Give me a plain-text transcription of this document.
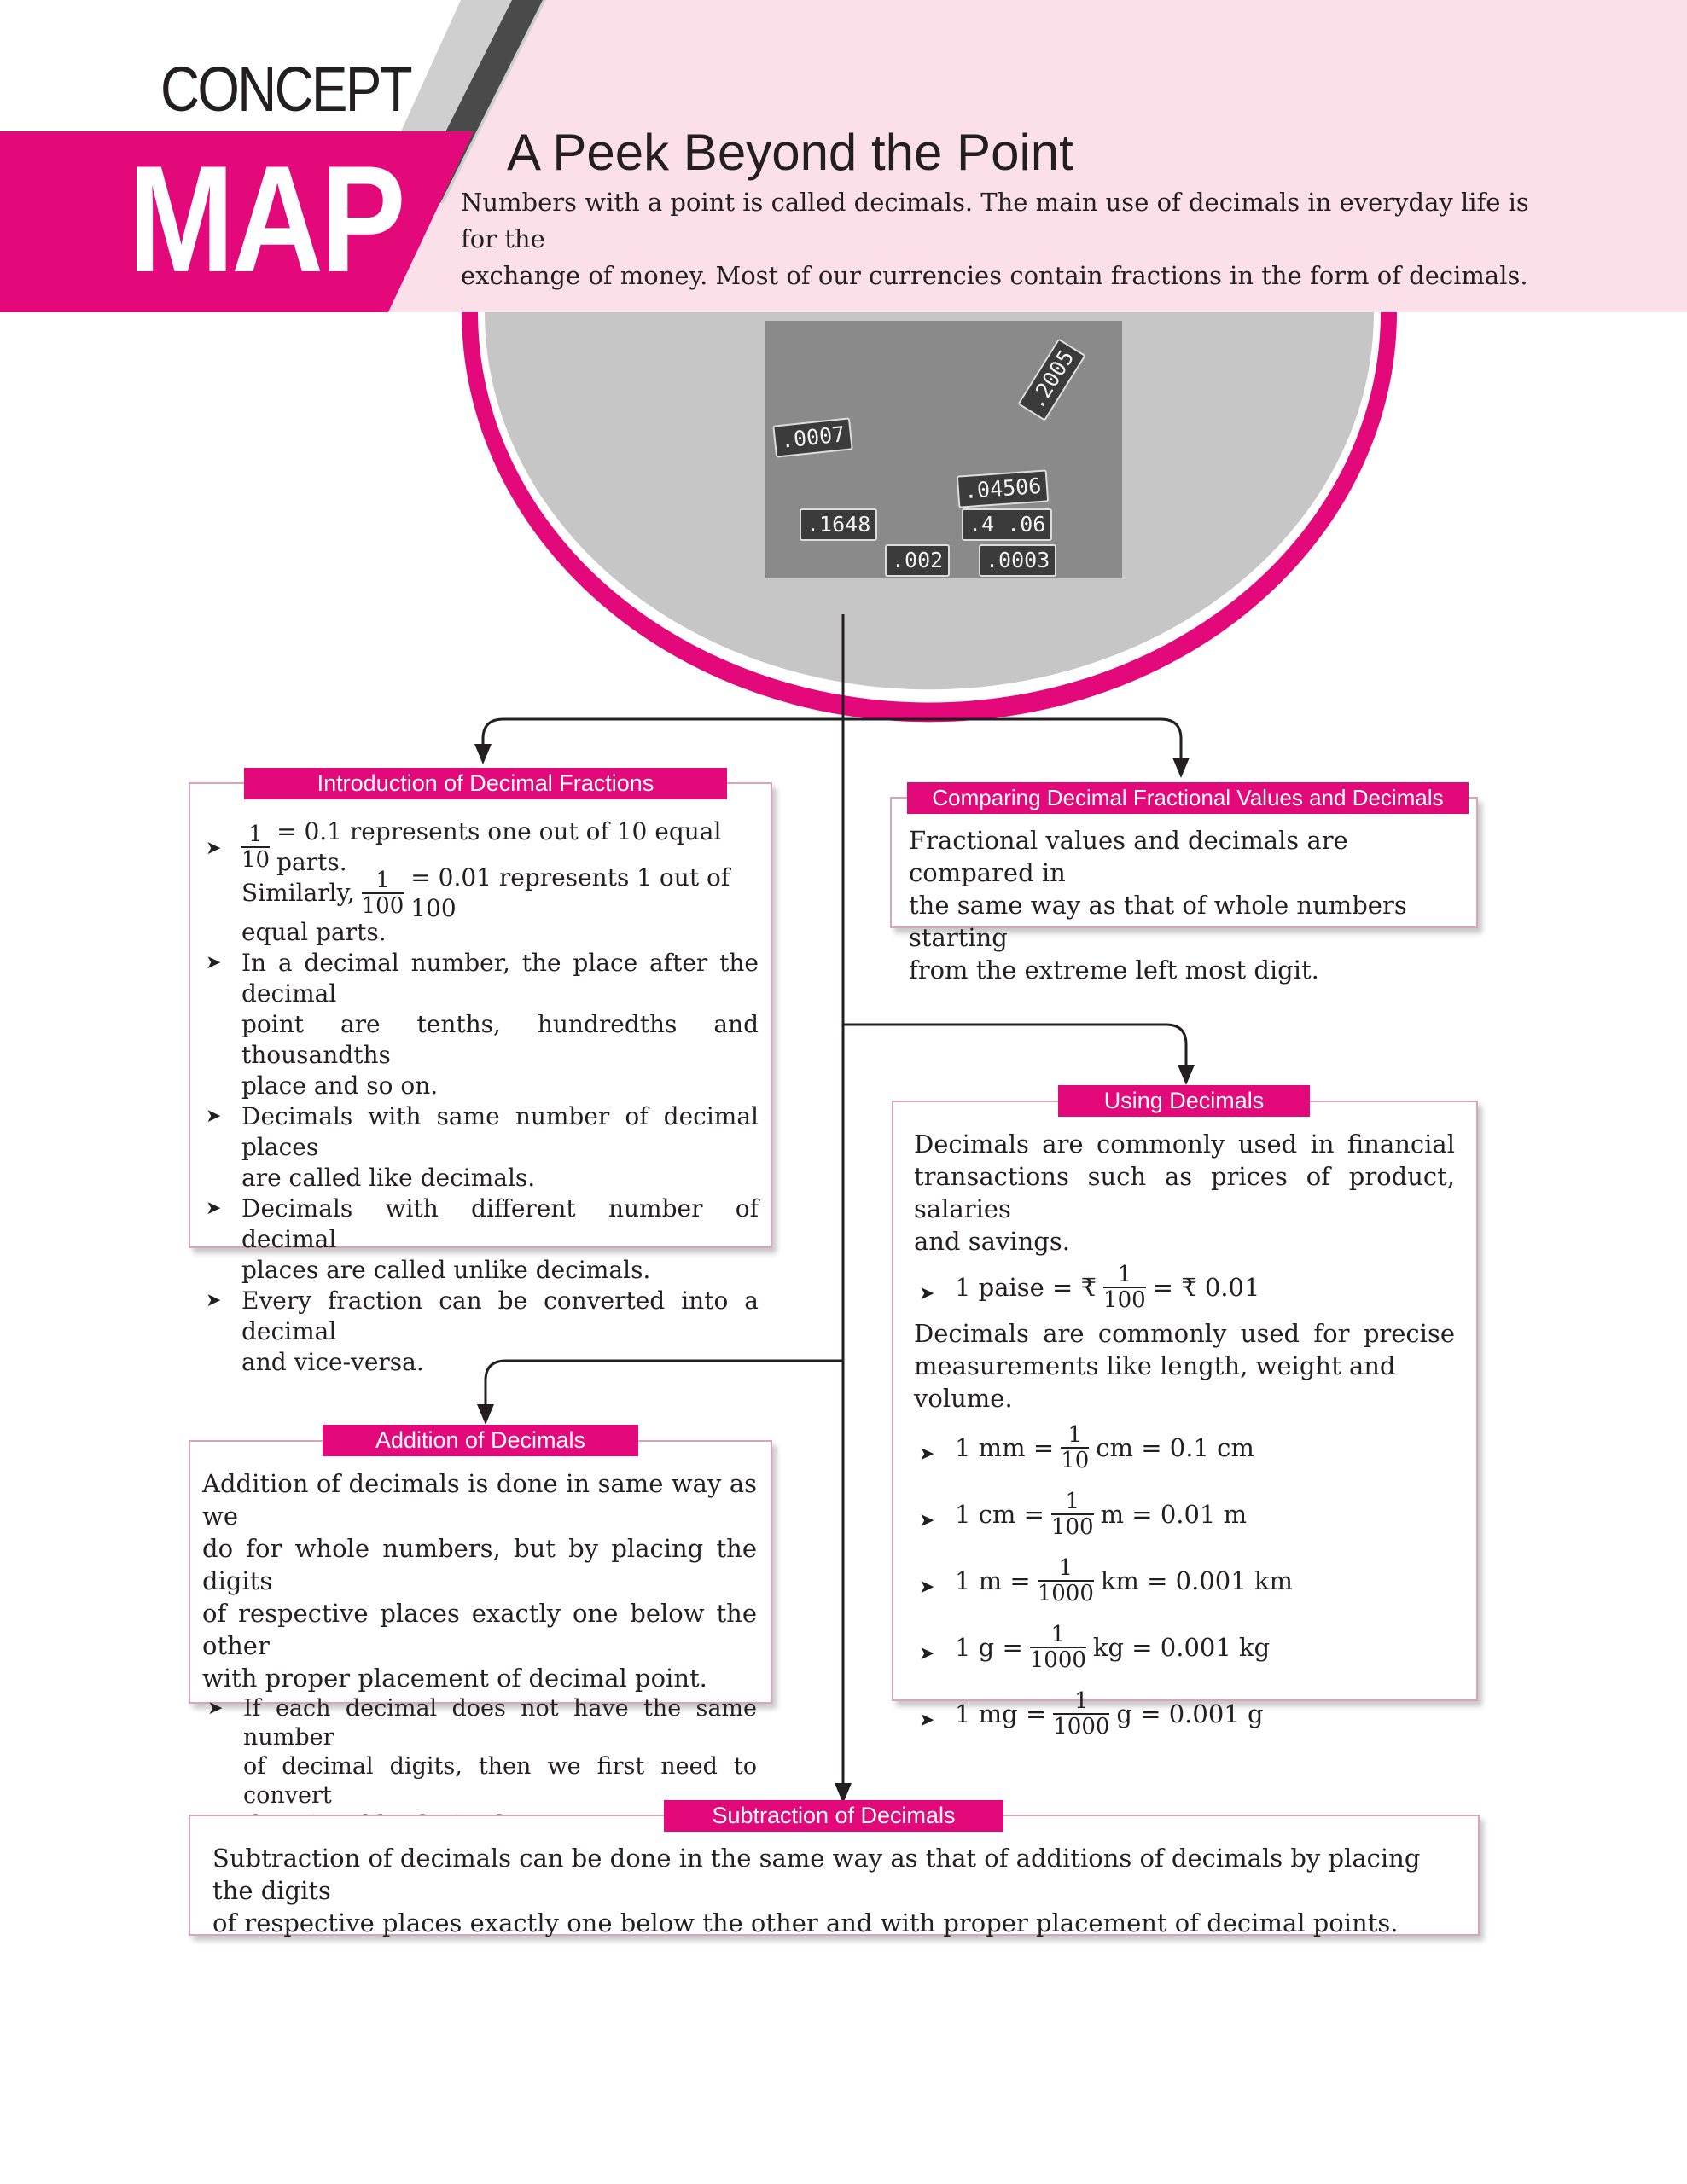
CONCEPT
MAP A Peek Beyond the Point
Numbers with a point is called decimals. The main use of decimals in everyday life is for the
exchange of money. Most of our currencies contain fractions in the form of decimals.
.1648	.4 .06
.002	.0003
.04506
.0007
.2005
➤ $\frac{1}{10} = 0.1$ represents one out of 10 equal parts.
Similarly, $\frac{1}{100} = 0.01$ represents 1 out of 100
equal parts.
➤ In a decimal number, the place after the decimal
point are tenths, hundredths and thousandths
place and so on.
➤ Decimals with same number of decimal places
are called like decimals.
➤ Decimals with different number of decimal
places are called unlike decimals.
➤ Every fraction can be converted into a decimal
and vice-versa.
Introduction of Decimal Fractions
Fractional values and decimals are compared in
the same way as that of whole numbers starting
from the extreme left most digit.
Comparing Decimal Fractional Values and Decimals
Decimals are commonly used in financial
transactions such as prices of product, salaries
and savings.
➤ 1 paise = ₹ $\frac{1}{100}$ = ₹ 0.01
Decimals are commonly used for precise
measurements like length, weight and volume.
➤ 1 mm = $\frac{1}{10}$ cm = 0.1 cm
➤ 1 cm = $\frac{1}{100}$ m = 0.01 m
➤ 1 $m = \frac{1}{1000}$ km = 0.001 km
➤ 1 $g = \frac{1}{1000}$ kg = 0.001 kg
➤ 1 mg = $\frac{1}{1000}$ g = 0.001 g
Using Decimals
Addition of decimals is done in same way as we
do for whole numbers, but by placing the digits
of respective places exactly one below the other
with proper placement of decimal point.
➤ If each decimal does not have the same number
of decimal digits, then we first need to convert
Addition of Decimals
Subtraction of decimals can be done in the same way as that of additions of decimals by placing the digits
of respective places exactly one below the other and with proper placement of decimal points.
Subtraction of Decimals
